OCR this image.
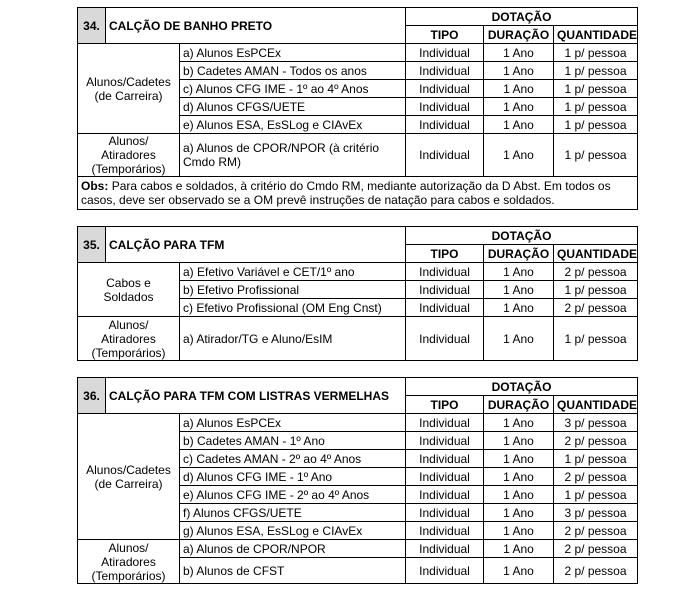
34.	CALÇÃO DE BANHO PRETO		DOTAÇÃO		
			TIPO	DURAÇÃO	QUANTIDADE
Alunos/Cadetes (de Carreira)		a) Alunos EsPCEx	Individual	1 Ano	1 p/ pessoa
		b) Cadetes AMAN - Todos os anos	Individual	1 Ano	1 p/ pessoa
		c) Alunos CFG IME - 1º ao 4º Anos	Individual	1 Ano	1 p/ pessoa
		d) Alunos CFGS/UETE	Individual	1 Ano	1 p/ pessoa
		e) Alunos ESA, EsSLog e CIAvEx	Individual	1 Ano	1 p/ pessoa
Alunos/ Atiradores (Temporários)		a) Alunos de CPOR/NPOR (à critério Cmdo RM)	Individual	1 Ano	1 p/ pessoa
Obs: Para cabos e soldados, à critério do Cmdo RM, mediante autorização da D Abst. Em todos os casos, deve ser observado se a OM prevê instruções de natação para cabos e soldados.					
35.	CALÇÃO PARA TFM		DOTAÇÃO		
			TIPO	DURAÇÃO	QUANTIDADE
Cabos e Soldados		a) Efetivo Variável e CET/1º ano	Individual	1 Ano	2 p/ pessoa
		b) Efetivo Profissional	Individual	1 Ano	1 p/ pessoa
		c) Efetivo Profissional (OM Eng Cnst)	Individual	1 Ano	2 p/ pessoa
Alunos/ Atiradores (Temporários)		a) Atirador/TG e Aluno/EsIM	Individual	1 Ano	1 p/ pessoa
36.	CALÇÃO PARA TFM COM LISTRAS VERMELHAS		DOTAÇÃO		
			TIPO	DURAÇÃO	QUANTIDADE
Alunos/Cadetes (de Carreira)		a) Alunos EsPCEx	Individual	1 Ano	3 p/ pessoa
		b) Cadetes AMAN - 1º Ano	Individual	1 Ano	2 p/ pessoa
		c) Cadetes AMAN - 2º ao 4º Anos	Individual	1 Ano	1 p/ pessoa
		d) Alunos CFG IME - 1º Ano	Individual	1 Ano	2 p/ pessoa
		e) Alunos CFG IME - 2º ao 4º Anos	Individual	1 Ano	1 p/ pessoa
		f) Alunos CFGS/UETE	Individual	1 Ano	3 p/ pessoa
		g) Alunos ESA, EsSLog e CIAvEx	Individual	1 Ano	2 p/ pessoa
Alunos/ Atiradores (Temporários)		a) Alunos de CPOR/NPOR	Individual	1 Ano	2 p/ pessoa
		b) Alunos de CFST	Individual	1 Ano	2 p/ pessoa
